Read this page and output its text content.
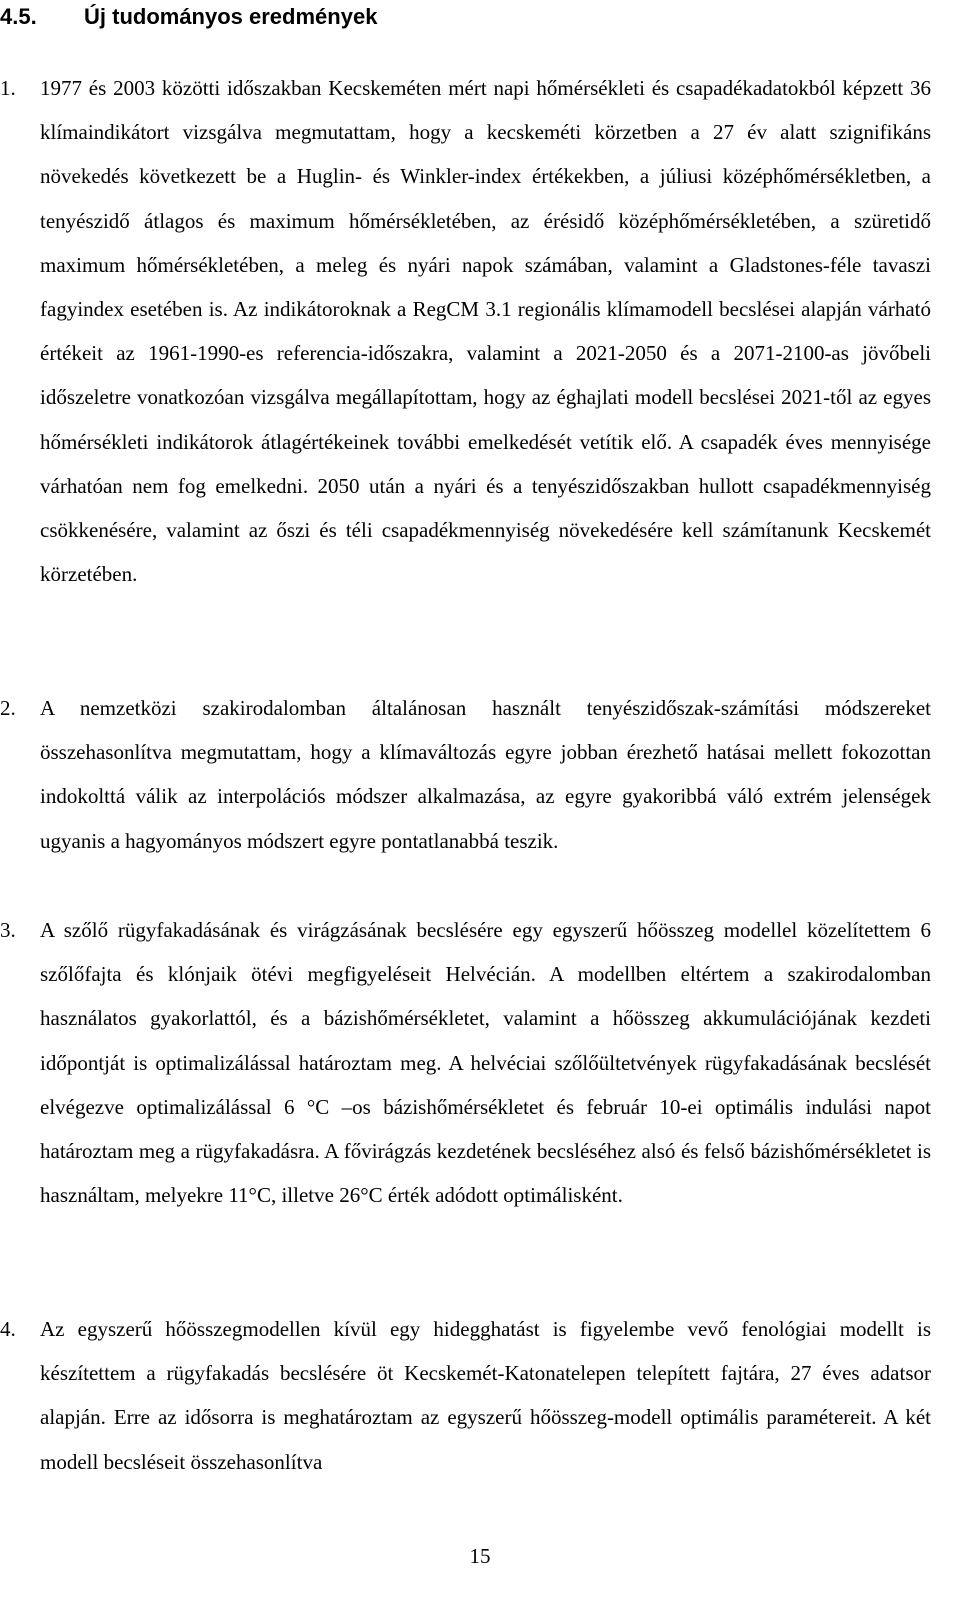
4.5. Új tudományos eredmények
1. 1977 és 2003 közötti időszakban Kecskeméten mért napi hőmérsékleti és csapadékadatokból képzett 36 klímaindikátort vizsgálva megmutattam, hogy a kecskeméti körzetben a 27 év alatt szignifikáns növekedés következett be a Huglin- és Winkler-index értékekben, a júliusi középhőmérsékletben, a tenyészidő átlagos és maximum hőmérsékletében, az érésidő középhőmérsékletében, a szüretidő maximum hőmérsékletében, a meleg és nyári napok számában, valamint a Gladstones-féle tavaszi fagyindex esetében is. Az indikátoroknak a RegCM 3.1 regionális klímamodell becslései alapján várható értékeit az 1961-1990-es referencia-időszakra, valamint a 2021-2050 és a 2071-2100-as jövőbeli időszeletre vonatkozóan vizsgálva megállapítottam, hogy az éghajlati modell becslései 2021-től az egyes hőmérsékleti indikátorok átlagértékeinek további emelkedését vetítik elő. A csapadék éves mennyisége várhatóan nem fog emelkedni. 2050 után a nyári és a tenyészidőszakban hullott csapadékmennyiség csökkenésére, valamint az őszi és téli csapadékmennyiség növekedésére kell számítanunk Kecskemét körzetében.
2. A nemzetközi szakirodalomban általánosan használt tenyészidőszak-számítási módszereket összehasonlítva megmutattam, hogy a klímaváltozás egyre jobban érezhető hatásai mellett fokozottan indokolttá válik az interpolációs módszer alkalmazása, az egyre gyakoribbá váló extrém jelenségek ugyanis a hagyományos módszert egyre pontatlanabbá teszik.
3. A szőlő rügyfakadásának és virágzásának becslésére egy egyszerű hőösszeg modellel közelítettem 6 szőlőfajta és klónjaik ötévi megfigyeléseit Helvécián. A modellben eltértem a szakirodalomban használatos gyakorlattól, és a bázishőmérsékletet, valamint a hőösszeg akkumulációjának kezdeti időpontját is optimalizálással határoztam meg. A helvéciai szőlőültetvények rügyfakadásának becslését elvégezve optimalizálással 6 °C –os bázishőmérsékletet és február 10-ei optimális indulási napot határoztam meg a rügyfakadásra. A fővirágzás kezdetének becsléséhez alsó és felső bázishőmérsékletet is használtam, melyekre 11°C, illetve 26°C érték adódott optimálisként.
4. Az egyszerű hőösszegmodellen kívül egy hidegghatást is figyelembe vevő fenológiai modellt is készítettem a rügyfakadás becslésére öt Kecskemét-Katonatelepen telepített fajtára, 27 éves adatsor alapján. Erre az idősorra is meghatároztam az egyszerű hőösszeg-modell optimális paramétereit. A két modell becsléseit összehasonlítva
15
